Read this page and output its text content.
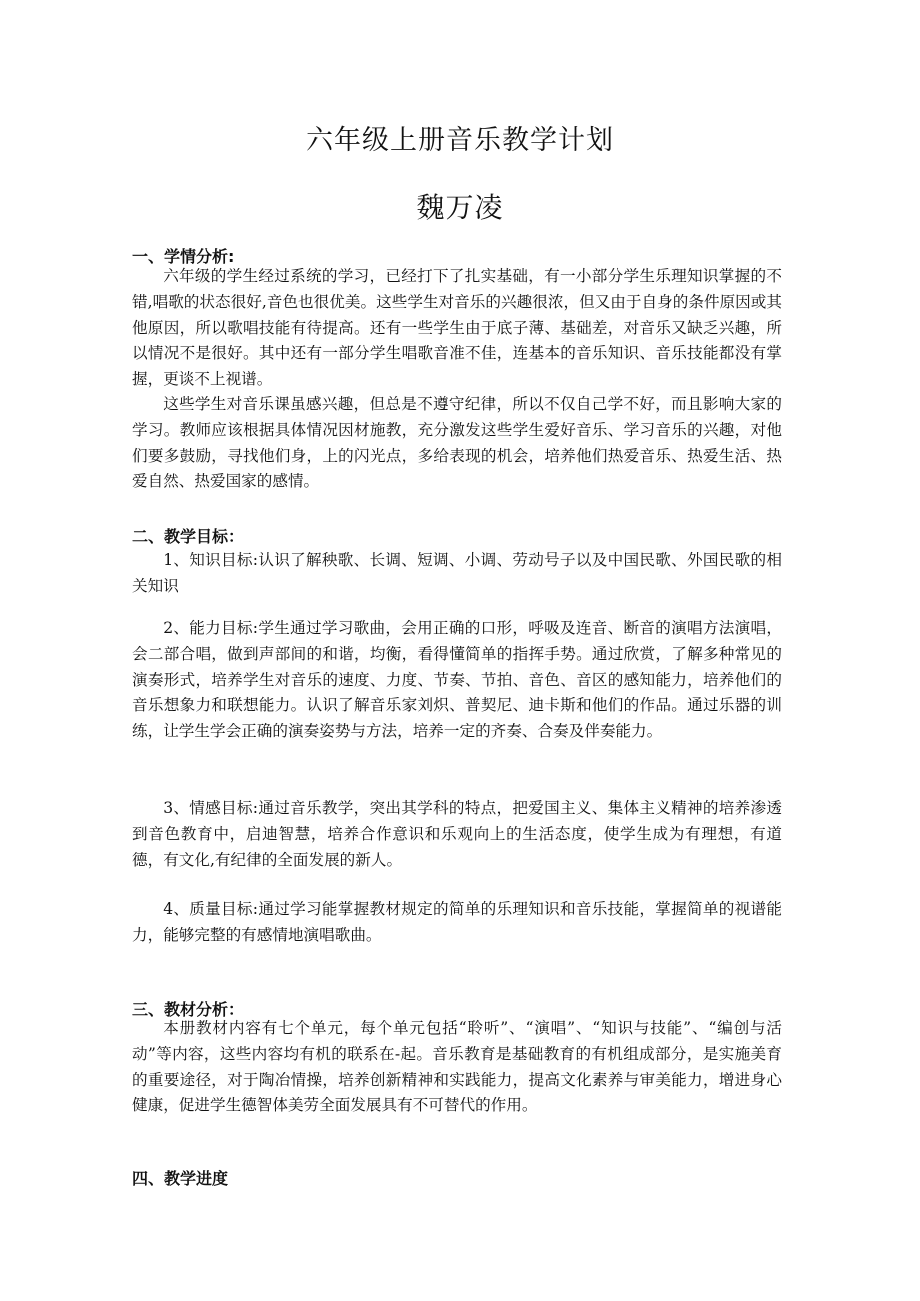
六年级上册音乐教学计划
魏万凌
一、学情分析:

六年级的学生经过系统的学习，已经打下了扎实基础，有一小部分学生乐理知识掌握的不错,唱歌的状态很好,音色也很优美。这些学生对音乐的兴趣很浓，但又由于自身的条件原因或其他原因，所以歌唱技能有待提高。还有一些学生由于底子薄、基础差，对音乐又缺乏兴趣，所以情况不是很好。其中还有一部分学生唱歌音准不佳，连基本的音乐知识、音乐技能都没有掌握，更谈不上视谱。

这些学生对音乐课虽感兴趣，但总是不遵守纪律，所以不仅自己学不好，而且影响大家的学习。教师应该根据具体情况因材施教，充分激发这些学生爱好音乐、学习音乐的兴趣，对他们要多鼓励，寻找他们身，上的闪光点，多给表现的机会，培养他们热爱音乐、热爱生活、热爱自然、热爱国家的感情。

二、教学目标：

1、知识目标:认识了解秧歌、长调、短调、小调、劳动号子以及中国民歌、外国民歌的相关知识

2、能力目标:学生通过学习歌曲，会用正确的口形，呼吸及连音、断音的演唱方法演唱，会二部合唱，做到声部间的和谐，均衡，看得懂简单的指挥手势。通过欣赏，了解多种常见的演奏形式，培养学生对音乐的速度、力度、节奏、节拍、音色、音区的感知能力，培养他们的音乐想象力和联想能力。认识了解音乐家刘炽、普契尼、迪卡斯和他们的作品。通过乐器的训练，让学生学会正确的演奏姿势与方法，培养一定的齐奏、合奏及伴奏能力。

3、情感目标:通过音乐教学，突出其学科的特点，把爱国主义、集体主义精神的培养渗透到音色教育中，启迪智慧，培养合作意识和乐观向上的生活态度，使学生成为有理想，有道德，有文化,有纪律的全面发展的新人。

4、质量目标:通过学习能掌握教材规定的简单的乐理知识和音乐技能，掌握简单的视谱能力，能够完整的有感情地演唱歌曲。

三、教材分析：

本册教材内容有七个单元，每个单元包括“聆听”、“演唱”、“知识与技能”、“编创与活动”等内容，这些内容均有机的联系在-起。音乐教育是基础教育的有机组成部分，是实施美育的重要途径，对于陶冶情操，培养创新精神和实践能力，提高文化素养与审美能力，增进身心健康，促进学生德智体美劳全面发展具有不可替代的作用。

四、教学进度
